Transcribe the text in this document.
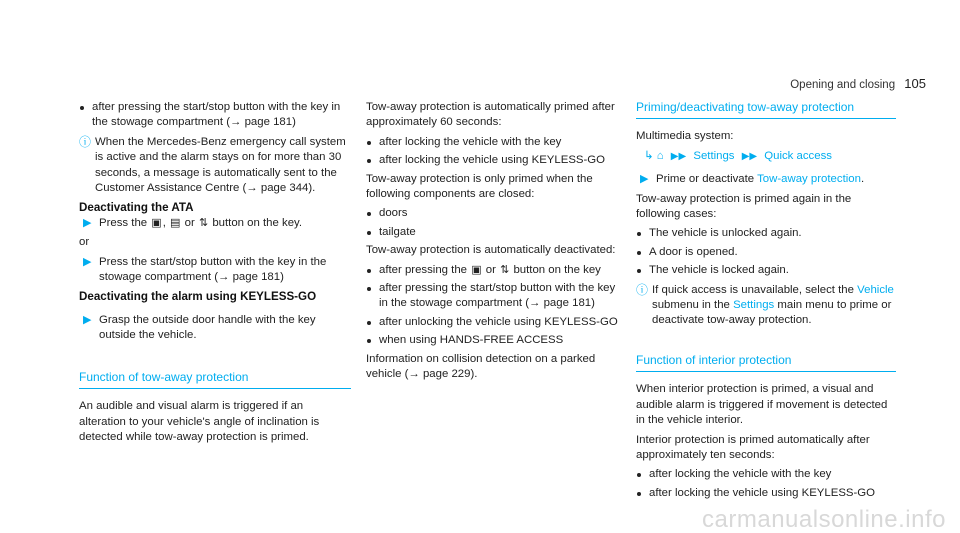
Opening and closing 105
after pressing the start/stop button with the key in the stowage compartment (→ page 181)
ⓘ When the Mercedes-Benz emergency call system is active and the alarm stays on for more than 30 seconds, a message is automatically sent to the Customer Assistance Centre (→ page 344).
Deactivating the ATA
▶ Press the ▣, ▤ or ⇅ button on the key.

or

▶ Press the start/stop button with the key in the stowage compartment (→ page 181)
Deactivating the alarm using KEYLESS-GO
▶ Grasp the outside door handle with the key outside the vehicle.
Function of tow-away protection

An audible and visual alarm is triggered if an alteration to your vehicle's angle of inclination is detected while tow-away protection is primed.

Tow-away protection is automatically primed after approximately 60 seconds:

after locking the vehicle with the key
after locking the vehicle using KEYLESS-GO

Tow-away protection is only primed when the following components are closed:

doors
tailgate

Tow-away protection is automatically deactivated:

after pressing the ▣ or ⇅ button on the key
after pressing the start/stop button with the key in the stowage compartment (→ page 181)
after unlocking the vehicle using KEYLESS-GO
when using HANDS-FREE ACCESS

Information on collision detection on a parked vehicle (→ page 229).

Priming/deactivating tow-away protection

Multimedia system:

↳ ⌂ ▶▶ Settings ▶▶ Quick access
▶ Prime or deactivate Tow-away protection.

Tow-away protection is primed again in the following cases:

The vehicle is unlocked again.
A door is opened.
The vehicle is locked again.
ⓘ If quick access is unavailable, select the Vehicle submenu in the Settings main menu to prime or deactivate tow-away protection.
Function of interior protection

When interior protection is primed, a visual and audible alarm is triggered if movement is detected in the vehicle interior.

Interior protection is primed automatically after approximately ten seconds:

after locking the vehicle with the key
after locking the vehicle using KEYLESS-GO
carmanualsonline.info
